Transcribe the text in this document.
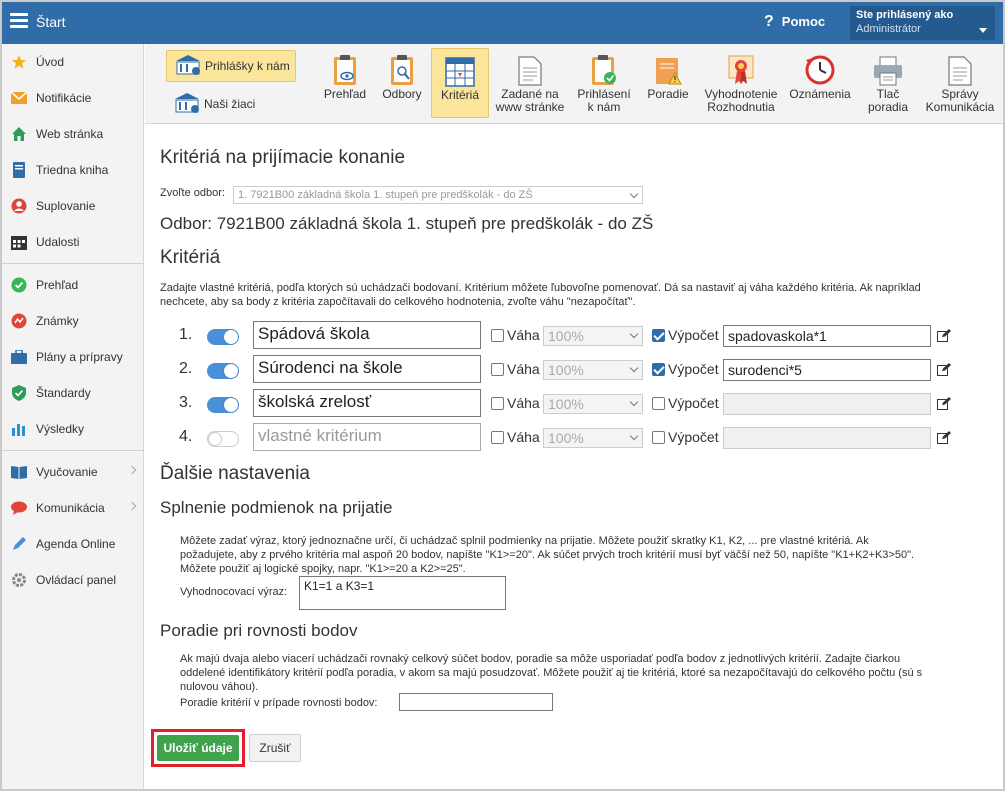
Štart	? Pomoc	Ste prihlásený ako
Administrátor
Úvod
Notifikácie
Web stránka
Triedna kniha
Suplovanie
Udalosti
Prehľad
Známky
Plány a prípravy
Štandardy
Výsledky
Vyučovanie
Komunikácia
Agenda Online
Ovládací panel
Prihlášky k nám
Naši žiaci
Prehľad Odbory Kritériá Zadané na
www stránke
Prihlásení
k nám
Poradie Vyhodnotenie
Rozhodnutia
Oznámenia Tlač
poradia
Správy
Komunikácia
Kritériá na prijímacie konanie
Zvoľte odbor:	1. 7921B00 základná škola 1. stupeň pre predškolák - do ZŠ
Odbor: 7921B00 základná škola 1. stupeň pre predškolák - do ZŠ
Kritériá
Zadajte vlastné kritériá, podľa ktorých sú uchádzači bodovaní. Kritérium môžete ľubovoľne pomenovať. Dá sa nastaviť aj váha každého kritéria. Ak napríklad
nechcete, aby sa body z kritéria započítavali do celkového hodnotenia, zvoľte váhu "nezapočítať".
1.	Spádová škola	Váha 100%	Výpočet spadovaskola*1
2.	Súrodenci na škole	Váha 100%	Výpočet surodenci*5
3.	školská zrelosť	Váha 100%	Výpočet
4.	vlastné kritérium	Váha 100%	Výpočet
Ďalšie nastavenia
Splnenie podmienok na prijatie
Môžete zadať výraz, ktorý jednoznačne určí, či uchádzač splnil podmienky na prijatie. Môžete použiť skratky K1, K2, ... pre vlastné kritériá. Ak
požadujete, aby z prvého kritéria mal aspoň 20 bodov, napíšte "K1>=20". Ak súčet prvých troch kritérií musí byť väčší než 50, napíšte "K1+K2+K3>50".
Môžete použiť aj logické spojky, napr. "K1>=20 a K2>=25".
Vyhodnocovací výraz:	K1=1 a K3=1
Poradie pri rovnosti bodov
Ak majú dvaja alebo viacerí uchádzači rovnaký celkový súčet bodov, poradie sa môže usporiadať podľa bodov z jednotlivých kritérií. Zadajte čiarkou
oddelené identifikátory kritérií podľa poradia, v akom sa majú posudzovať. Môžete použiť aj tie kritériá, ktoré sa nezapočítavajú do celkového počtu (sú s
nulovou váhou).
Poradie kritérií v prípade rovnosti bodov:
Uložiť údaje	Zrušiť
